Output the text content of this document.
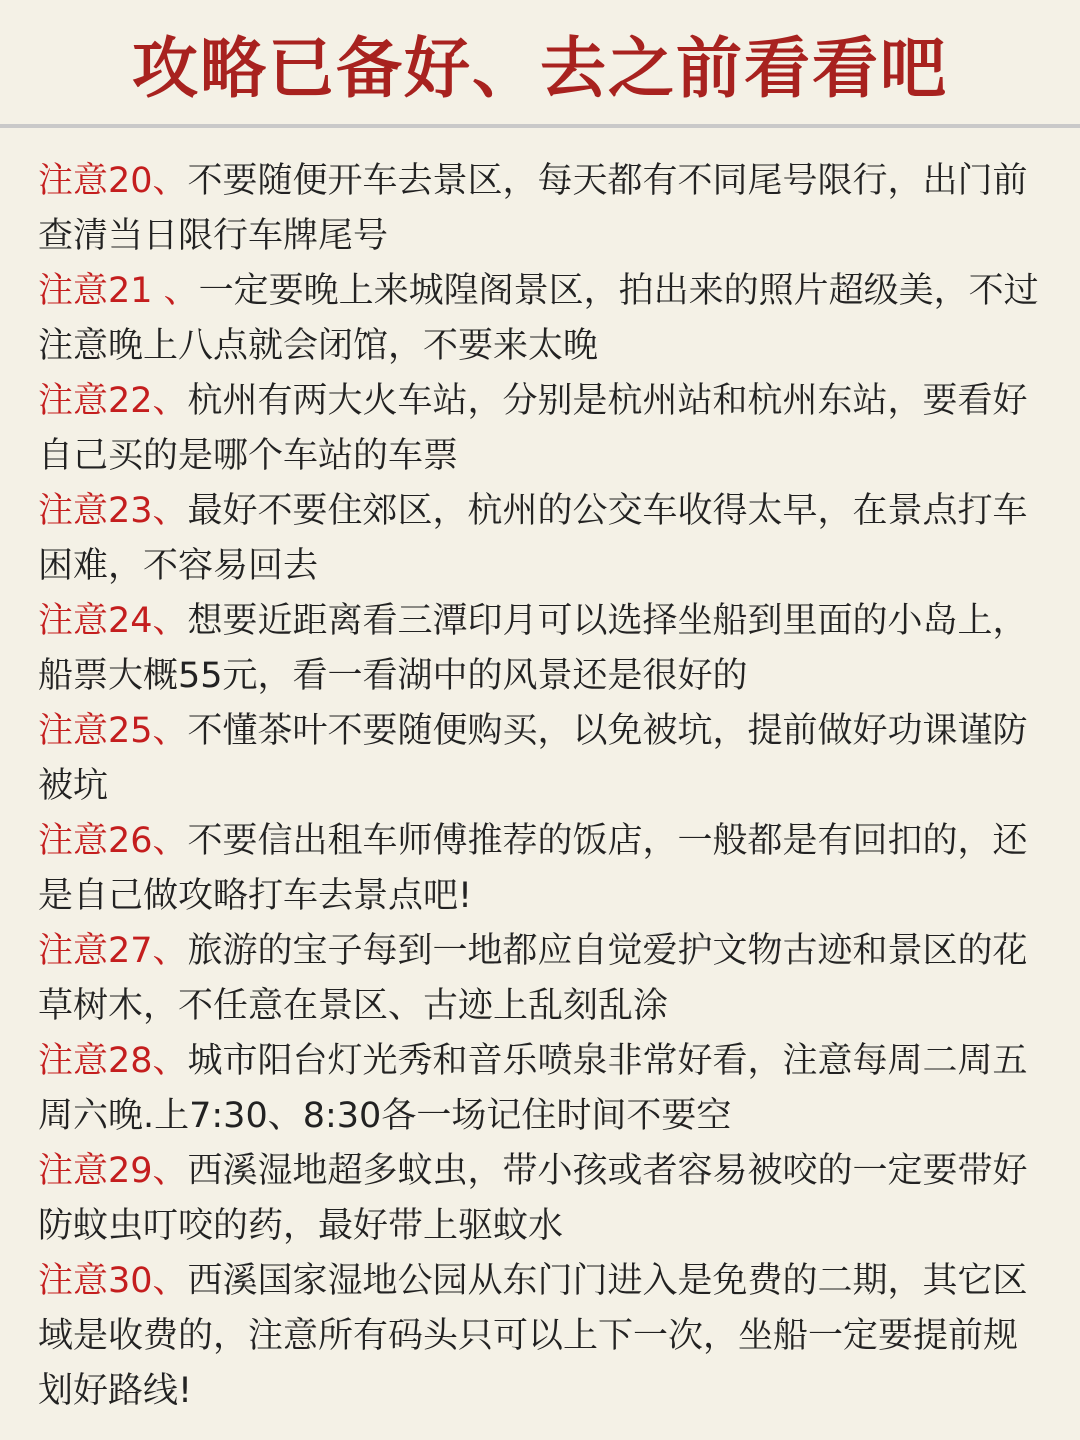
攻略已备好、去之前看看吧

注意20、不要随便开车去景区，每天都有不同尾号限行，出门前查清当日限行车牌尾号

注意21 、一定要晚上来城隍阁景区，拍出来的照片超级美，不过注意晚上八点就会闭馆，不要来太晚

注意22、杭州有两大火车站，分别是杭州站和杭州东站，要看好自己买的是哪个车站的车票

注意23、最好不要住郊区，杭州的公交车收得太早，在景点打车困难，不容易回去

注意24、想要近距离看三潭印月可以选择坐船到里面的小岛上，船票大概55元，看一看湖中的风景还是很好的

注意25、不懂茶叶不要随便购买，以免被坑，提前做好功课谨防被坑

注意26、不要信出租车师傅推荐的饭店，一般都是有回扣的，还是自己做攻略打车去景点吧!

注意27、旅游的宝子每到一地都应自觉爱护文物古迹和景区的花草树木，不任意在景区、古迹上乱刻乱涂

注意28、城市阳台灯光秀和音乐喷泉非常好看，注意每周二周五周六晚.上7:30、8:30各一场记住时间不要空

注意29、西溪湿地超多蚊虫，带小孩或者容易被咬的一定要带好防蚊虫叮咬的药，最好带上驱蚊水

注意30、西溪国家湿地公园从东门门进入是免费的二期，其它区域是收费的，注意所有码头只可以上下一次，坐船一定要提前规划好路线!
